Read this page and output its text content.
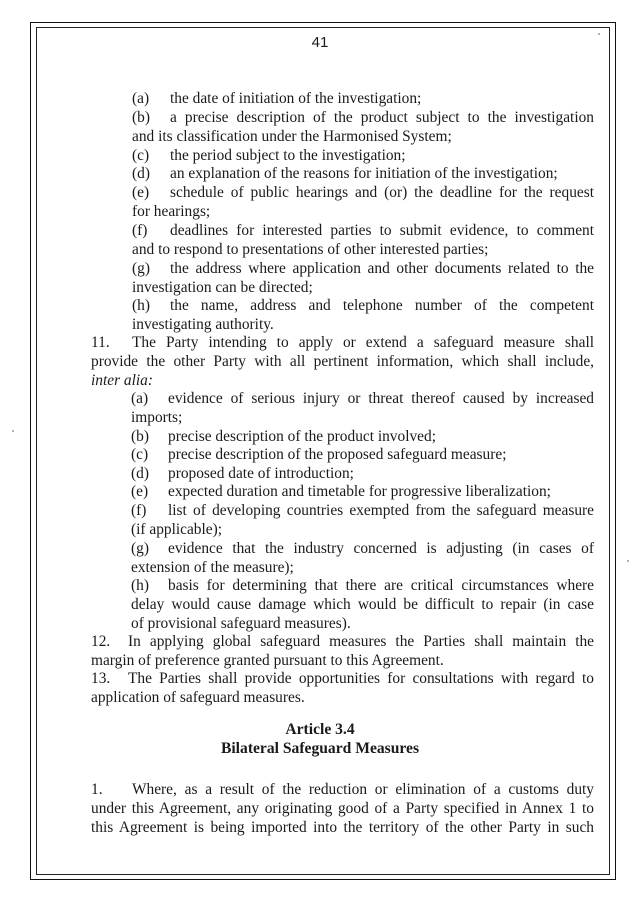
41
(a) the date of initiation of the investigation;
(b) a precise description of the product subject to the investigation
and its classification under the Harmonised System;
(c) the period subject to the investigation;
(d) an explanation of the reasons for initiation of the investigation;
(e) schedule of public hearings and (or) the deadline for the request
for hearings;
(f) deadlines for interested parties to submit evidence, to comment
and to respond to presentations of other interested parties;
(g) the address where application and other documents related to the
investigation can be directed;
(h) the name, address and telephone number of the competent
investigating authority.
11. The Party intending to apply or extend a safeguard measure shall
provide the other Party with all pertinent information, which shall include,
inter alia:
(a) evidence of serious injury or threat thereof caused by increased
imports;
(b) precise description of the product involved;
(c) precise description of the proposed safeguard measure;
(d) proposed date of introduction;
(e) expected duration and timetable for progressive liberalization;
(f) list of developing countries exempted from the safeguard measure
(if applicable);
(g) evidence that the industry concerned is adjusting (in cases of
extension of the measure);
(h) basis for determining that there are critical circumstances where
delay would cause damage which would be difficult to repair (in case
of provisional safeguard measures).
12. In applying global safeguard measures the Parties shall maintain the
margin of preference granted pursuant to this Agreement.
13. The Parties shall provide opportunities for consultations with regard to
application of safeguard measures.
Article 3.4
Bilateral Safeguard Measures
1. Where, as a result of the reduction or elimination of a customs duty
under this Agreement, any originating good of a Party specified in Annex 1 to
this Agreement is being imported into the territory of the other Party in such
